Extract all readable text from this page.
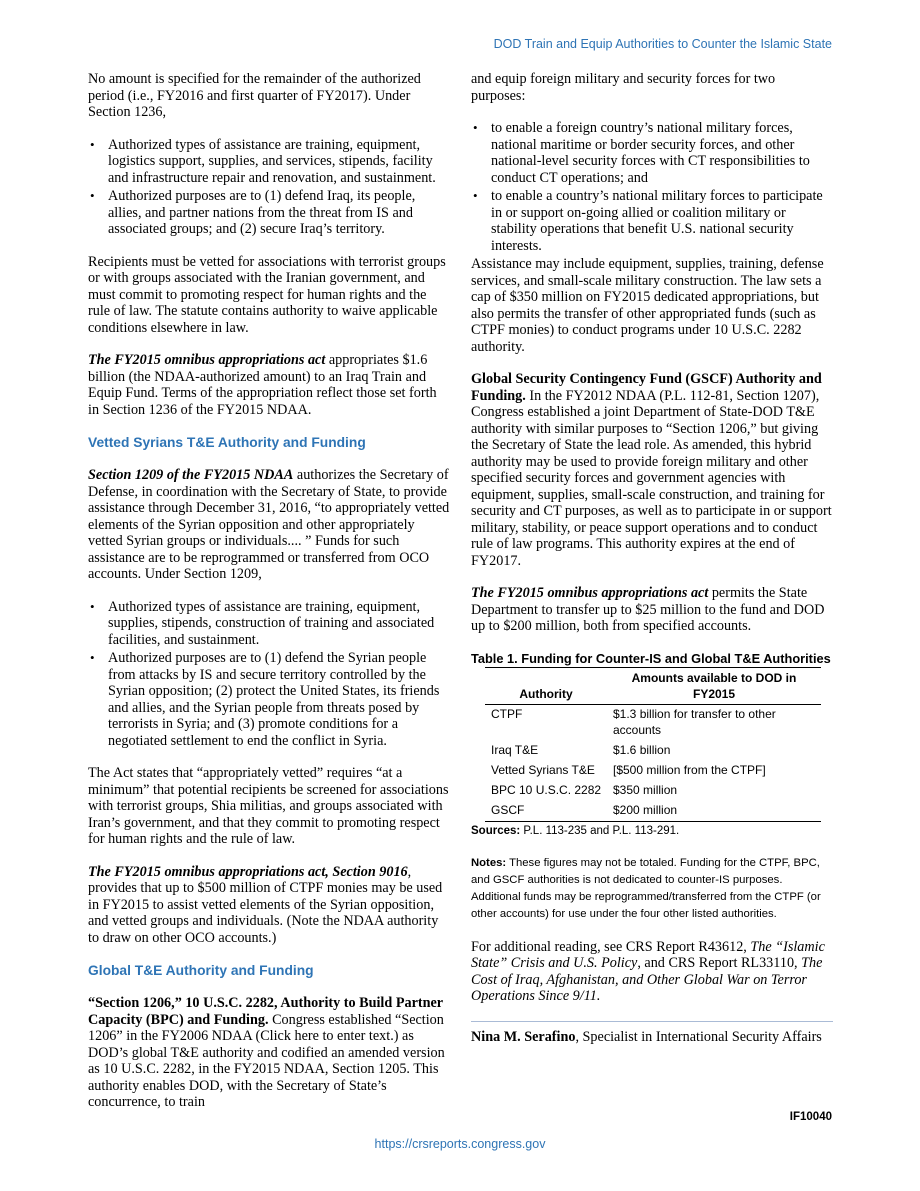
DOD Train and Equip Authorities to Counter the Islamic State

No amount is specified for the remainder of the authorized period (i.e., FY2016 and first quarter of FY2017). Under Section 1236,

• Authorized types of assistance are training, equipment, logistics support, supplies, and services, stipends, facility and infrastructure repair and renovation, and sustainment.
• Authorized purposes are to (1) defend Iraq, its people, allies, and partner nations from the threat from IS and associated groups; and (2) secure Iraq’s territory.

Recipients must be vetted for associations with terrorist groups or with groups associated with the Iranian government, and must commit to promoting respect for human rights and the rule of law. The statute contains authority to waive applicable conditions elsewhere in law.

The FY2015 omnibus appropriations act appropriates $1.6 billion (the NDAA-authorized amount) to an Iraq Train and Equip Fund. Terms of the appropriation reflect those set forth in Section 1236 of the FY2015 NDAA.

Vetted Syrians T&E Authority and Funding

Section 1209 of the FY2015 NDAA authorizes the Secretary of Defense, in coordination with the Secretary of State, to provide assistance through December 31, 2016, “to appropriately vetted elements of the Syrian opposition and other appropriately vetted Syrian groups or individuals.... ” Funds for such assistance are to be reprogrammed or transferred from OCO accounts. Under Section 1209,

• Authorized types of assistance are training, equipment, supplies, stipends, construction of training and associated facilities, and sustainment.
• Authorized purposes are to (1) defend the Syrian people from attacks by IS and secure territory controlled by the Syrian opposition; (2) protect the United States, its friends and allies, and the Syrian people from threats posed by terrorists in Syria; and (3) promote conditions for a negotiated settlement to end the conflict in Syria.

The Act states that “appropriately vetted” requires “at a minimum” that potential recipients be screened for associations with terrorist groups, Shia militias, and groups associated with Iran’s government, and that they commit to promoting respect for human rights and the rule of law.

The FY2015 omnibus appropriations act, Section 9016, provides that up to $500 million of CTPF monies may be used in FY2015 to assist vetted elements of the Syrian opposition, and vetted groups and individuals. (Note the NDAA authority to draw on other OCO accounts.)

Global T&E Authority and Funding

“Section 1206,” 10 U.S.C. 2282, Authority to Build Partner Capacity (BPC) and Funding. Congress established “Section 1206” in the FY2006 NDAA (Click here to enter text.) as DOD’s global T&E authority and codified an amended version as 10 U.S.C. 2282, in the FY2015 NDAA, Section 1205. This authority enables DOD, with the Secretary of State’s concurrence, to train

and equip foreign military and security forces for two purposes:

• to enable a foreign country’s national military forces, national maritime or border security forces, and other national-level security forces with CT responsibilities to conduct CT operations; and
• to enable a country’s national military forces to participate in or support on-going allied or coalition military or stability operations that benefit U.S. national security interests.

Assistance may include equipment, supplies, training, defense services, and small-scale military construction. The law sets a cap of $350 million on FY2015 dedicated appropriations, but also permits the transfer of other appropriated funds (such as CTPF monies) to conduct programs under 10 U.S.C. 2282 authority.

Global Security Contingency Fund (GSCF) Authority and Funding. In the FY2012 NDAA (P.L. 112-81, Section 1207), Congress established a joint Department of State-DOD T&E authority with similar purposes to “Section 1206,” but giving the Secretary of State the lead role. As amended, this hybrid authority may be used to provide foreign military and other specified security forces and government agencies with equipment, supplies, small-scale construction, and training for security and CT purposes, as well as to participate in or support military, stability, or peace support operations and to conduct rule of law programs. This authority expires at the end of FY2017.

The FY2015 omnibus appropriations act permits the State Department to transfer up to $25 million to the fund and DOD up to $200 million, both from specified accounts.

Table 1. Funding for Counter-IS and Global T&E Authorities
Authority	Amounts available to DOD in FY2015
CTPF	$1.3 billion for transfer to other accounts
Iraq T&E	$1.6 billion
Vetted Syrians T&E	[$500 million from the CTPF]
BPC 10 U.S.C. 2282	$350 million
GSCF	$200 million
Sources: P.L. 113-235 and P.L. 113-291.
Notes: These figures may not be totaled. Funding for the CTPF, BPC, and GSCF authorities is not dedicated to counter-IS purposes. Additional funds may be reprogrammed/transferred from the CTPF (or other accounts) for use under the four other listed authorities.

For additional reading, see CRS Report R43612, The “Islamic State” Crisis and U.S. Policy, and CRS Report RL33110, The Cost of Iraq, Afghanistan, and Other Global War on Terror Operations Since 9/11.

Nina M. Serafino, Specialist in International Security Affairs

IF10040
https://crsreports.congress.gov
